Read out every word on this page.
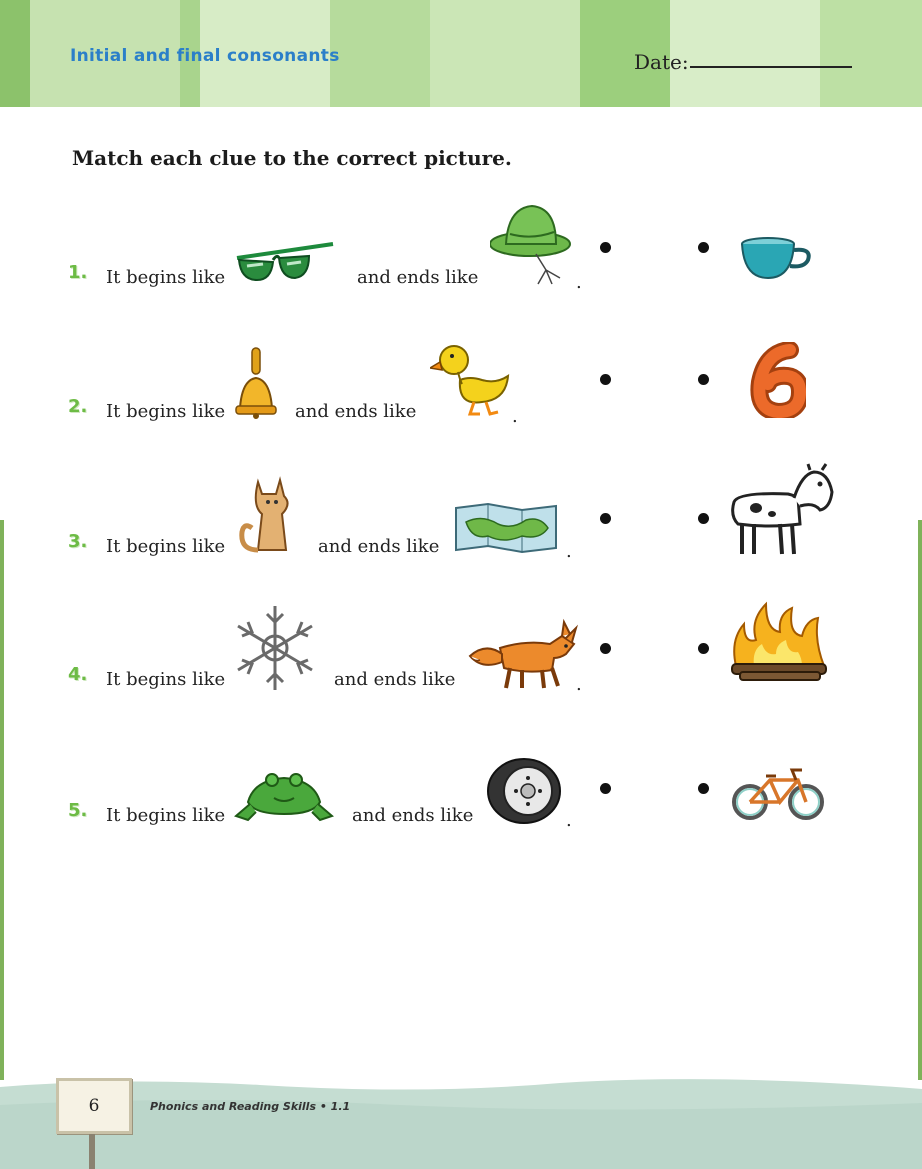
Initial and final consonants	Date:
Match each clue to the correct picture.
1. It begins like	and ends like	.
2. It begins like	and ends like	.
3. It begins like	and ends like	.
4. It begins like	and ends like	.
5. It begins like	and ends like	.
6	Phonics and Reading Skills • 1.1
